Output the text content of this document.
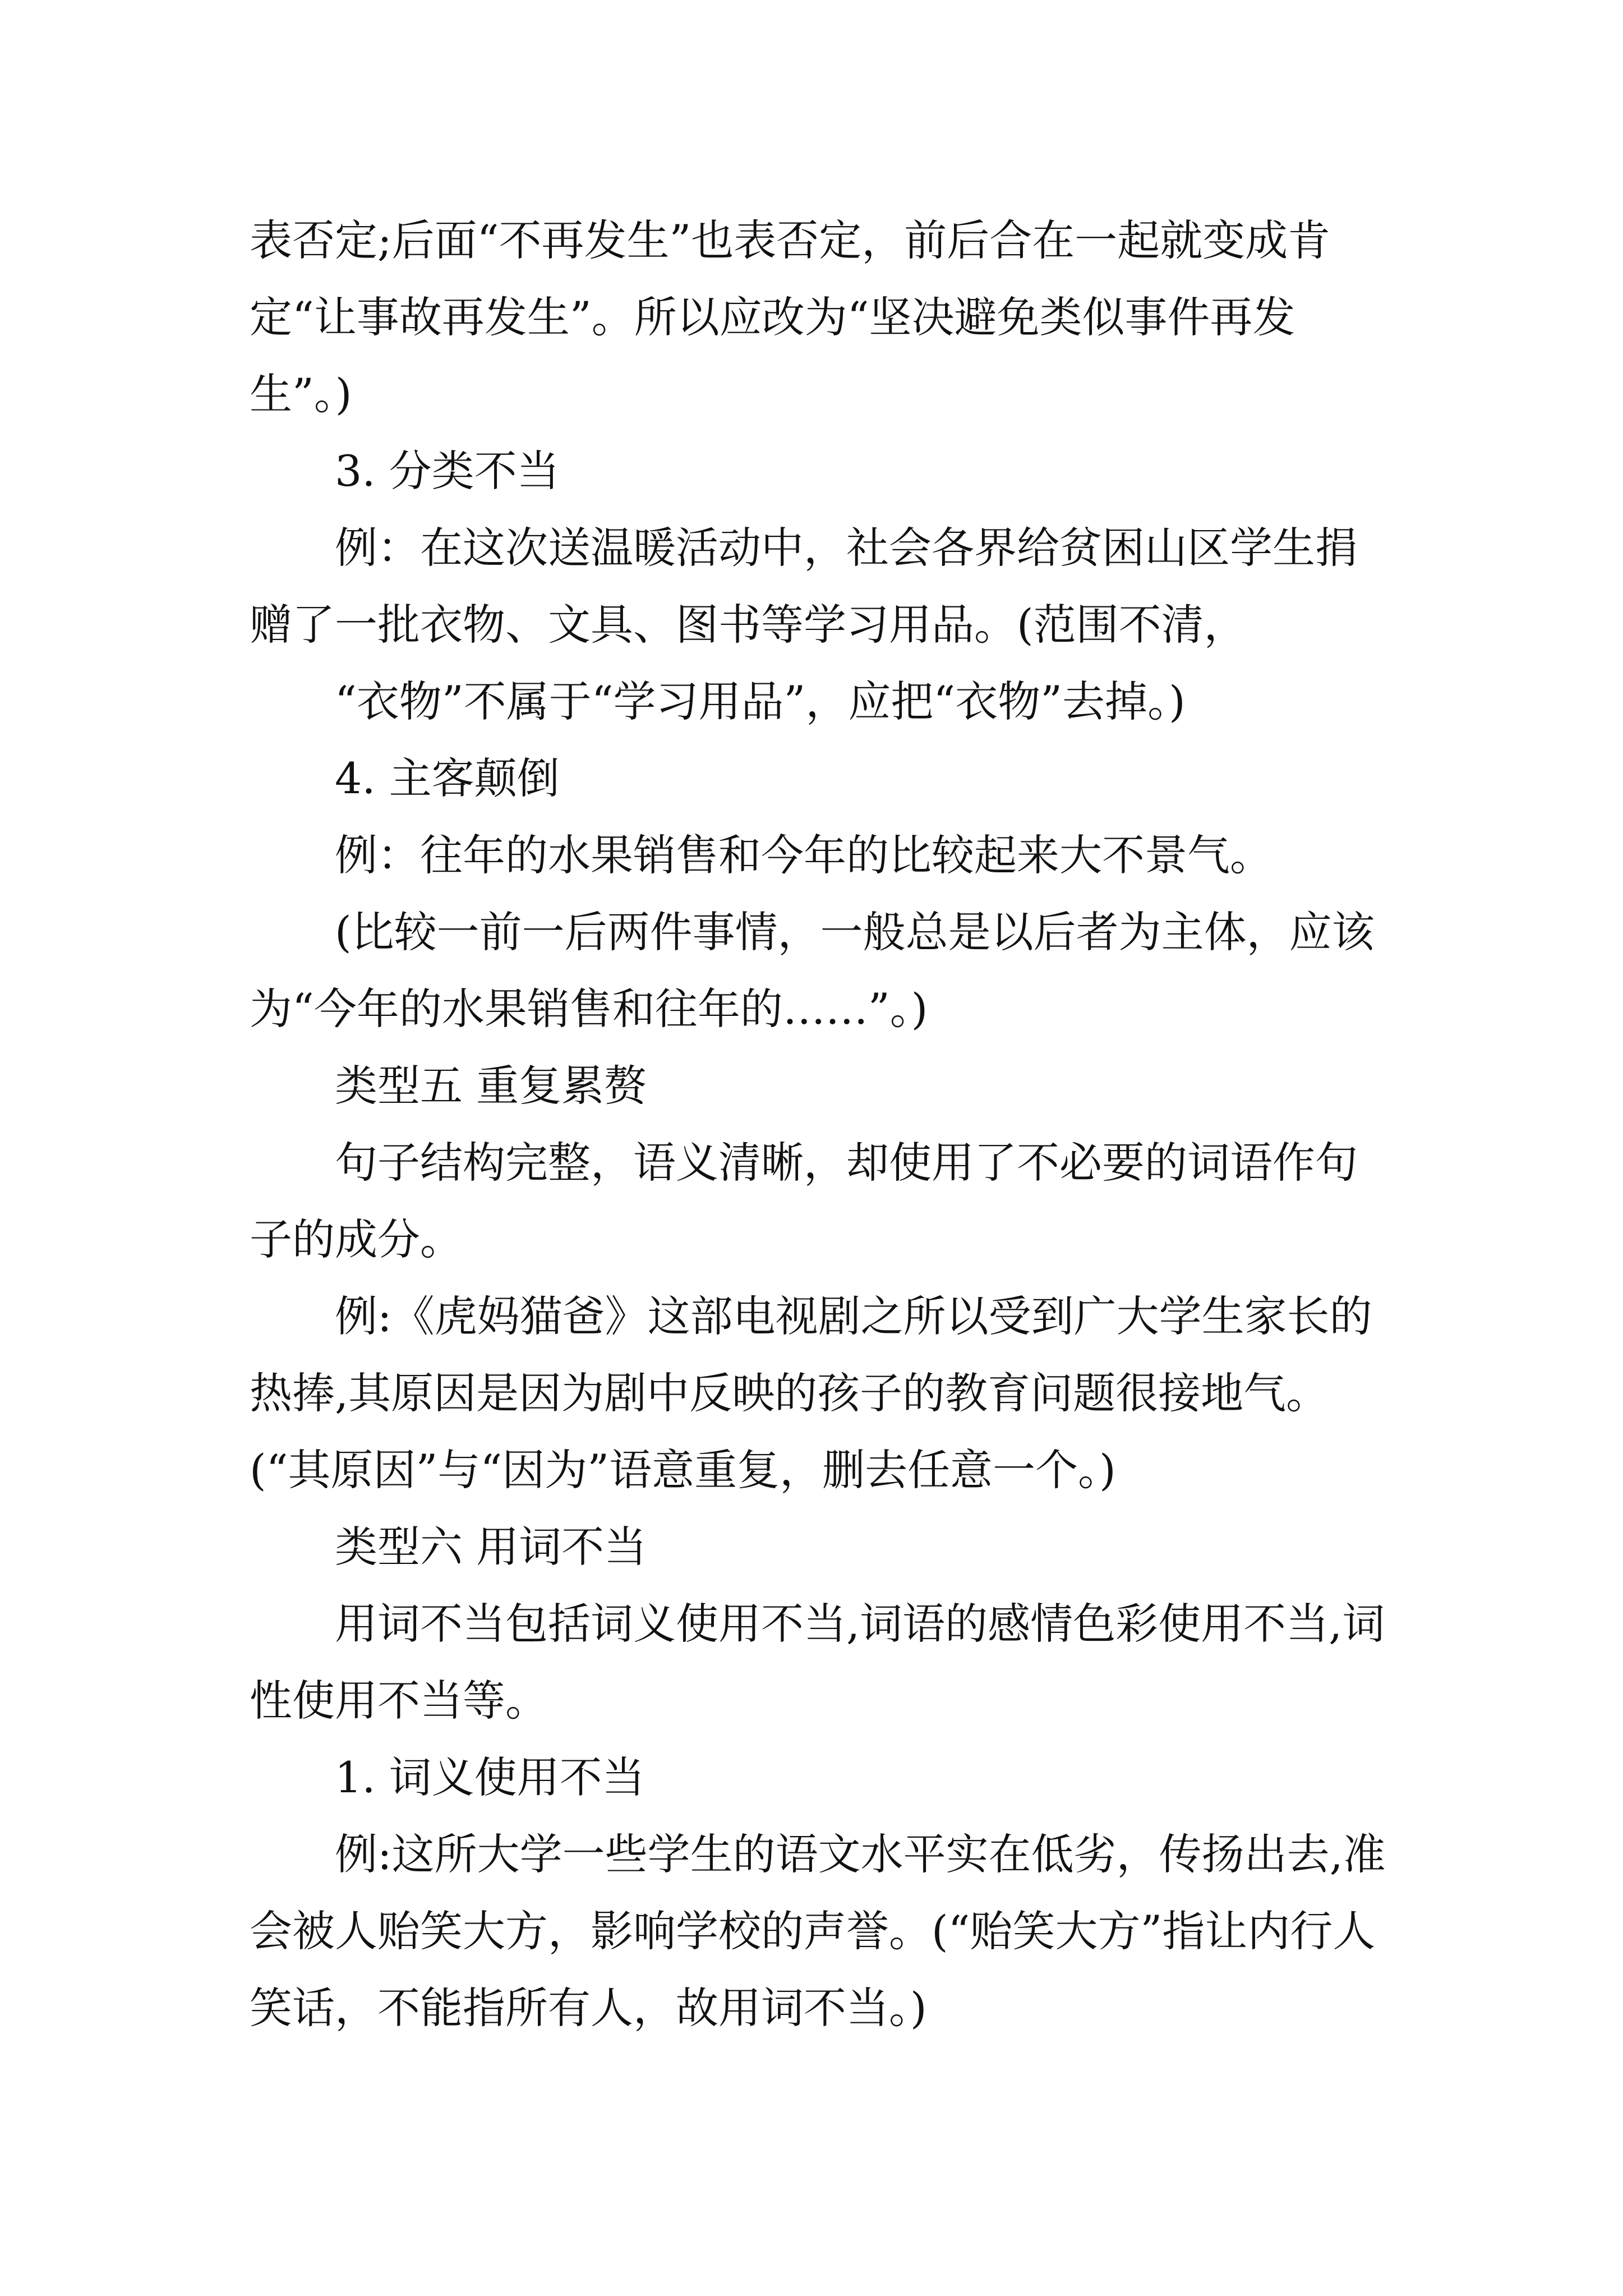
表否定;后面“不再发生”也表否定，前后合在一起就变成肯定“让事故再发生”。所以应改为“坚决避免类似事件再发生”。)

3. 分类不当

例：在这次送温暖活动中，社会各界给贫困山区学生捐赠了一批衣物、文具、图书等学习用品。(范围不清，

“衣物”不属于“学习用品”，应把“衣物”去掉。)

4. 主客颠倒

例：往年的水果销售和今年的比较起来大不景气。

(比较一前一后两件事情，一般总是以后者为主体，应该为“今年的水果销售和往年的……”。)

类型五 重复累赘

句子结构完整，语义清晰，却使用了不必要的词语作句子的成分。

例:《虎妈猫爸》这部电视剧之所以受到广大学生家长的热捧,其原因是因为剧中反映的孩子的教育问题很接地气。(“其原因”与“因为”语意重复，删去任意一个。)

类型六 用词不当

用词不当包括词义使用不当,词语的感情色彩使用不当,词性使用不当等。

1. 词义使用不当

例:这所大学一些学生的语文水平实在低劣，传扬出去,准会被人贻笑大方，影响学校的声誉。(“贻笑大方”指让内行人笑话，不能指所有人，故用词不当。)
